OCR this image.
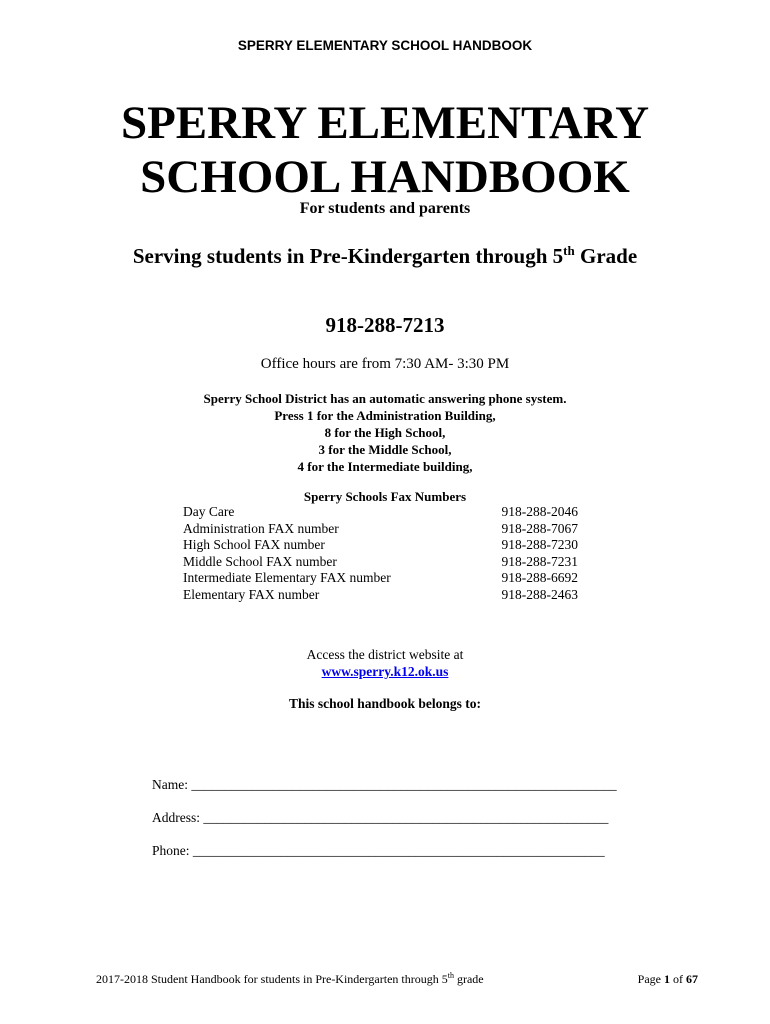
SPERRY ELEMENTARY SCHOOL HANDBOOK
SPERRY ELEMENTARY
SCHOOL HANDBOOK
For students and parents
Serving students in Pre-Kindergarten through 5th Grade
918-288-7213
Office hours are from 7:30 AM- 3:30 PM
Sperry School District has an automatic answering phone system.
Press 1 for the Administration Building,
8 for the High School,
3 for the Middle School,
4 for the Intermediate building,
Sperry Schools Fax Numbers
Day Care	918-288-2046
Administration FAX number	918-288-7067
High School FAX number	918-288-7230
Middle School FAX number	918-288-7231
Intermediate Elementary FAX number	918-288-6692
Elementary FAX number	918-288-2463
Access the district website at
www.sperry.k12.ok.us
This school handbook belongs to:
Name: _______________________________________________________________
Address: ____________________________________________________________
Phone: _____________________________________________________________
2017-2018 Student Handbook for students in Pre-Kindergarten through 5th grade	Page 1 of 67
